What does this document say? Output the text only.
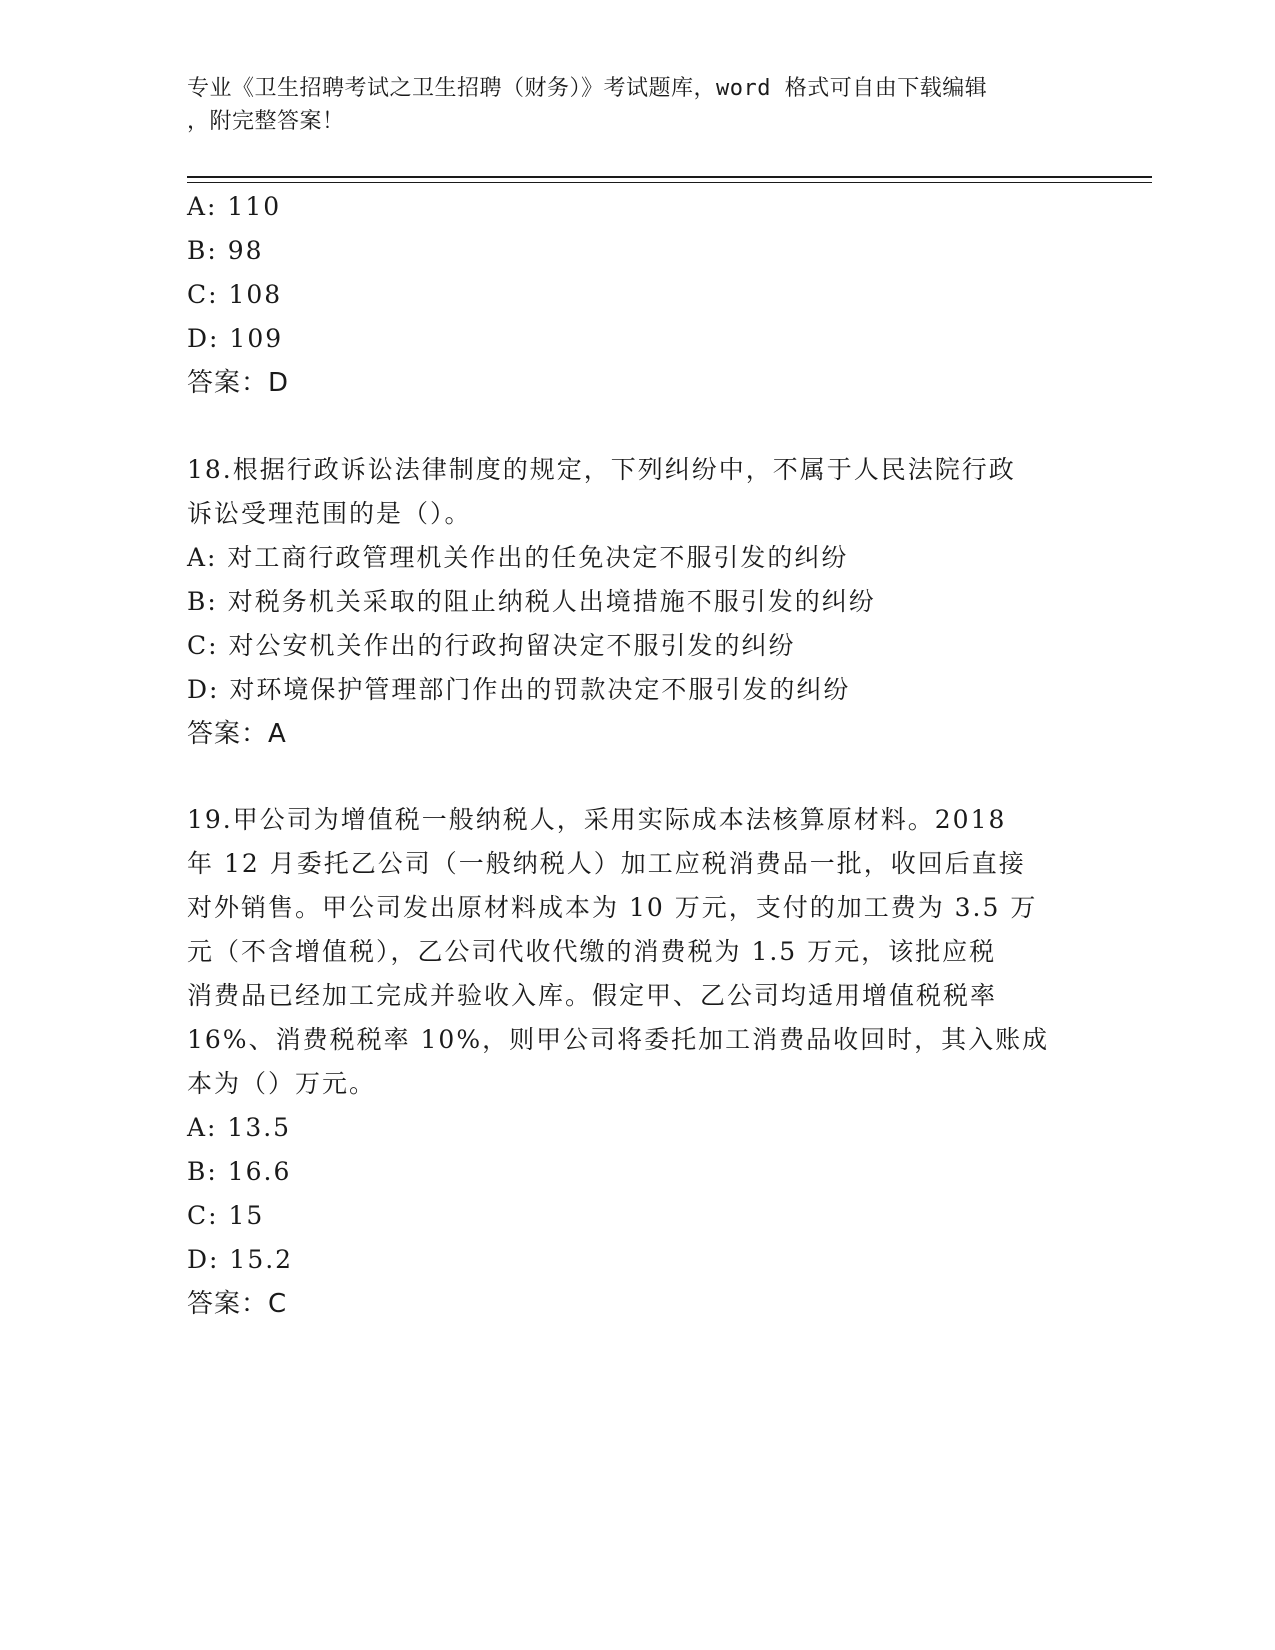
专业《卫生招聘考试之卫生招聘（财务）》考试题库，word 格式可自由下载编辑
，附完整答案！
A: 110
B: 98
C: 108
D: 109
答案：D
18.根据行政诉讼法律制度的规定，下列纠纷中，不属于人民法院行政
诉讼受理范围的是（）。
A: 对工商行政管理机关作出的任免决定不服引发的纠纷
B: 对税务机关采取的阻止纳税人出境措施不服引发的纠纷
C: 对公安机关作出的行政拘留决定不服引发的纠纷
D: 对环境保护管理部门作出的罚款决定不服引发的纠纷
答案：A
19.甲公司为增值税一般纳税人，采用实际成本法核算原材料。2018
年 12 月委托乙公司（一般纳税人）加工应税消费品一批，收回后直接
对外销售。甲公司发出原材料成本为 10 万元，支付的加工费为 3.5 万
元（不含增值税），乙公司代收代缴的消费税为 1.5 万元，该批应税
消费品已经加工完成并验收入库。假定甲、乙公司均适用增值税税率
16%、消费税税率 10%，则甲公司将委托加工消费品收回时，其入账成
本为（）万元。
A: 13.5
B: 16.6
C: 15
D: 15.2
答案：C
